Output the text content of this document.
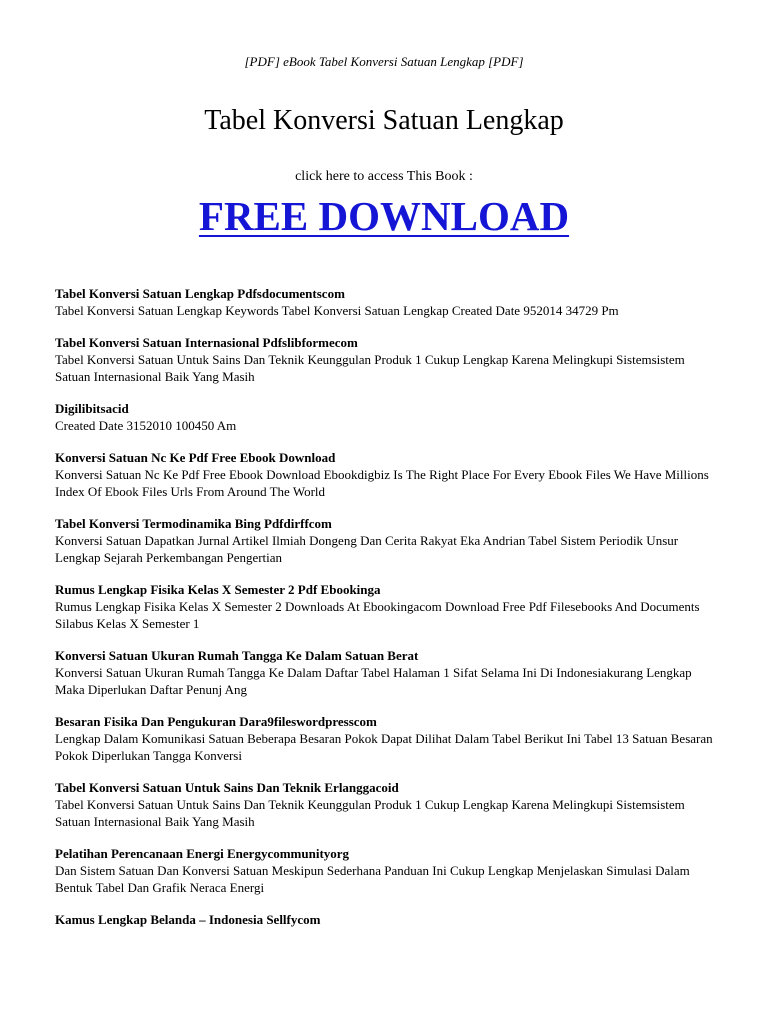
[PDF] eBook Tabel Konversi Satuan Lengkap [PDF]
Tabel Konversi Satuan Lengkap
click here to access This Book :
FREE DOWNLOAD
Tabel Konversi Satuan Lengkap Pdfsdocumentscom
Tabel Konversi Satuan Lengkap Keywords Tabel Konversi Satuan Lengkap Created Date 952014 34729 Pm
Tabel Konversi Satuan Internasional Pdfslibformecom
Tabel Konversi Satuan Untuk Sains Dan Teknik Keunggulan Produk 1 Cukup Lengkap Karena Melingkupi Sistemsistem Satuan Internasional Baik Yang Masih
Digilibitsacid
Created Date 3152010 100450 Am
Konversi Satuan Nc Ke Pdf Free Ebook Download
Konversi Satuan Nc Ke Pdf Free Ebook Download Ebookdigbiz Is The Right Place For Every Ebook Files We Have Millions Index Of Ebook Files Urls From Around The World
Tabel Konversi Termodinamika Bing Pdfdirffcom
Konversi Satuan Dapatkan Jurnal Artikel Ilmiah Dongeng Dan Cerita Rakyat Eka Andrian Tabel Sistem Periodik Unsur Lengkap Sejarah Perkembangan Pengertian
Rumus Lengkap Fisika Kelas X Semester 2 Pdf Ebookinga
Rumus Lengkap Fisika Kelas X Semester 2 Downloads At Ebookingacom Download Free Pdf Filesebooks And Documents Silabus Kelas X Semester 1
Konversi Satuan Ukuran Rumah Tangga Ke Dalam Satuan Berat
Konversi Satuan Ukuran Rumah Tangga Ke Dalam Daftar Tabel Halaman 1 Sifat Selama Ini Di Indonesiakurang Lengkap Maka Diperlukan Daftar Penunj Ang
Besaran Fisika Dan Pengukuran Dara9fileswordpresscom
Lengkap Dalam Komunikasi Satuan Beberapa Besaran Pokok Dapat Dilihat Dalam Tabel Berikut Ini Tabel 13 Satuan Besaran Pokok Diperlukan Tangga Konversi
Tabel Konversi Satuan Untuk Sains Dan Teknik Erlanggacoid
Tabel Konversi Satuan Untuk Sains Dan Teknik Keunggulan Produk 1 Cukup Lengkap Karena Melingkupi Sistemsistem Satuan Internasional Baik Yang Masih
Pelatihan Perencanaan Energi Energycommunityorg
Dan Sistem Satuan Dan Konversi Satuan Meskipun Sederhana Panduan Ini Cukup Lengkap Menjelaskan Simulasi Dalam Bentuk Tabel Dan Grafik Neraca Energi
Kamus Lengkap Belanda – Indonesia Sellfycom
